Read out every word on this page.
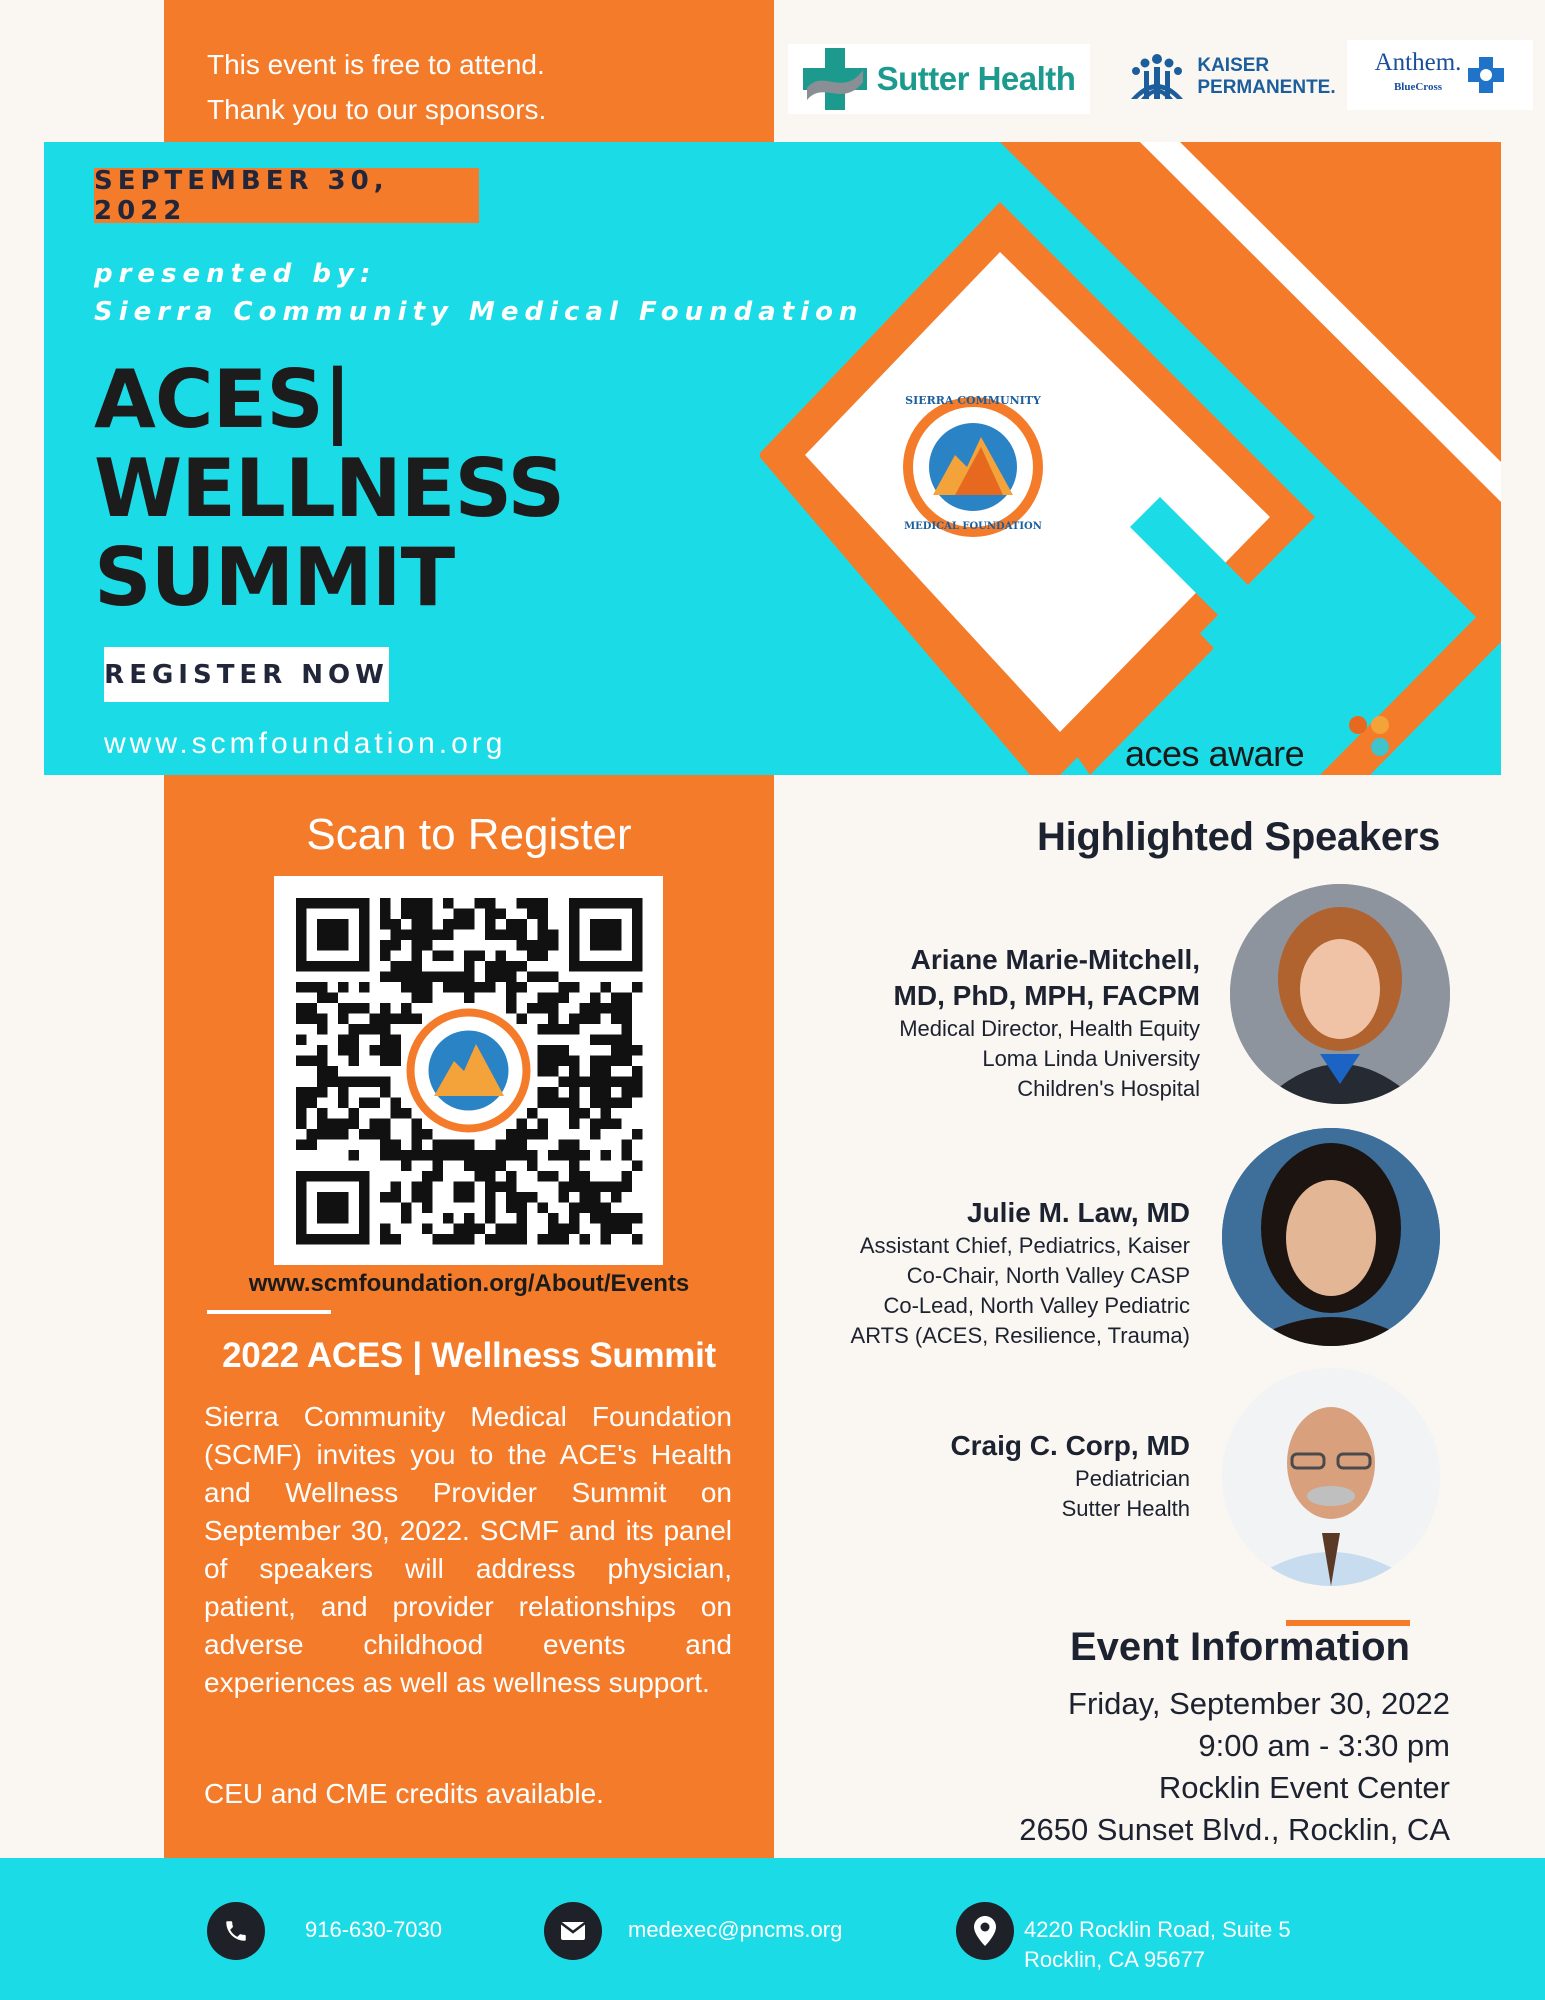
This event is free to attend.
Thank you to our sponsors.
Sutter Health	KAISER
PERMANENTE.
Anthem.
BlueCross
SIERRA COMMUNITY
MEDICAL FOUNDATION
SEPTEMBER 30, 2022
presented by:
Sierra Community Medical Foundation
ACES|
WELLNESS
SUMMIT
REGISTER NOW
www.scmfoundation.org	aces aware
Scan to Register
www.scmfoundation.org/About/Events
2022 ACES | Wellness Summit
Sierra Community Medical Foundation (SCMF) invites you to the ACE's Health and Wellness Provider Summit on September 30, 2022. SCMF and its panel of speakers will address physician, patient, and provider relationships on adverse childhood events and experiences as well as wellness support.
CEU and CME credits available.
Highlighted Speakers
Ariane Marie-Mitchell,
MD, PhD, MPH, FACPM
Medical Director, Health Equity
Loma Linda University
Children's Hospital
Julie M. Law, MD
Assistant Chief, Pediatrics, Kaiser
Co-Chair, North Valley CASP
Co-Lead, North Valley Pediatric
ARTS (ACES, Resilience, Trauma)
Craig C. Corp, MD
Pediatrician
Sutter Health
Event Information
Friday, September 30, 2022
9:00 am - 3:30 pm
Rocklin Event Center
2650 Sunset Blvd., Rocklin, CA
916-630-7030	medexec@pncms.org	4220 Rocklin Road, Suite 5
Rocklin, CA 95677
